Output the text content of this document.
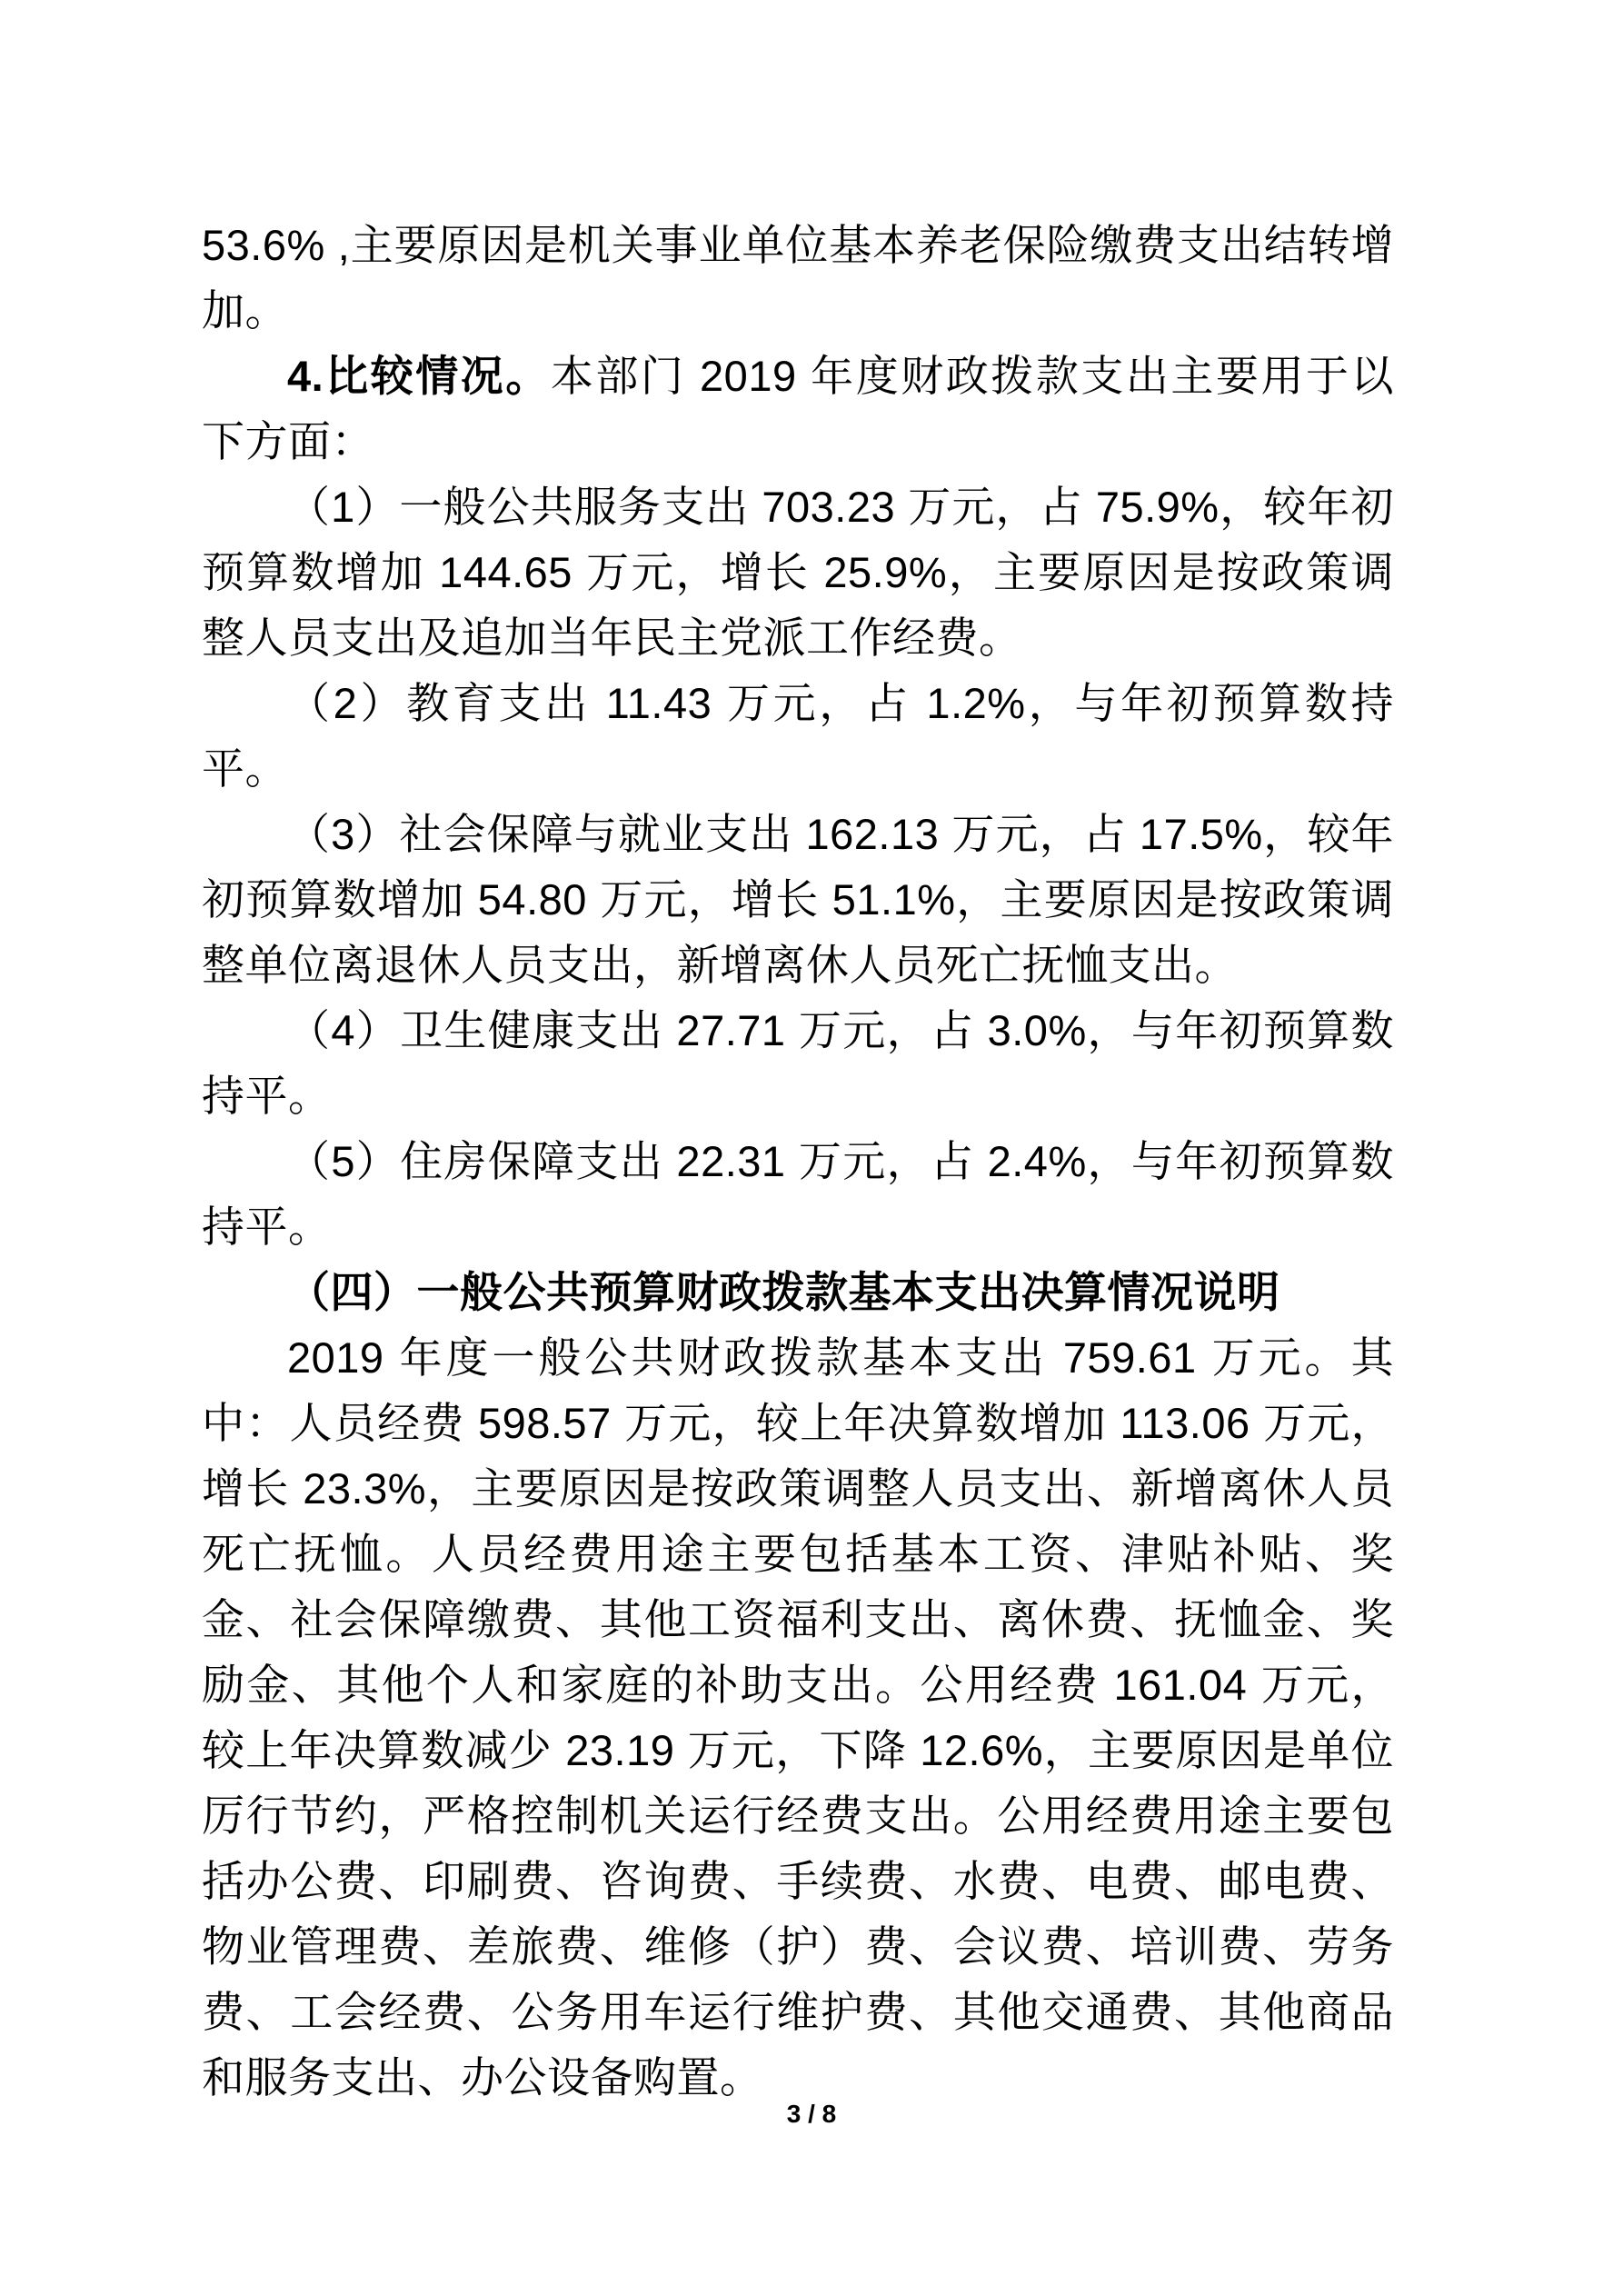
53.6% ,主要原因是机关事业单位基本养老保险缴费支出结转增加。

4.比较情况。本部门 2019 年度财政拨款支出主要用于以下方面：

（1）一般公共服务支出 703.23 万元，占 75.9%，较年初预算数增加 144.65 万元，增长 25.9%，主要原因是按政策调整人员支出及追加当年民主党派工作经费。

（2）教育支出 11.43 万元，占 1.2%，与年初预算数持平。

（3）社会保障与就业支出 162.13 万元，占 17.5%，较年初预算数增加 54.80 万元，增长 51.1%，主要原因是按政策调整单位离退休人员支出，新增离休人员死亡抚恤支出。

（4）卫生健康支出 27.71 万元，占 3.0%，与年初预算数持平。

（5）住房保障支出 22.31 万元，占 2.4%，与年初预算数持平。

（四）一般公共预算财政拨款基本支出决算情况说明

2019 年度一般公共财政拨款基本支出 759.61 万元。其中：人员经费 598.57 万元，较上年决算数增加 113.06 万元，增长 23.3%，主要原因是按政策调整人员支出、新增离休人员死亡抚恤。人员经费用途主要包括基本工资、津贴补贴、奖金、社会保障缴费、其他工资福利支出、离休费、抚恤金、奖励金、其他个人和家庭的补助支出。公用经费 161.04 万元，较上年决算数减少 23.19 万元，下降 12.6%，主要原因是单位厉行节约，严格控制机关运行经费支出。公用经费用途主要包括办公费、印刷费、咨询费、手续费、水费、电费、邮电费、物业管理费、差旅费、维修（护）费、会议费、培训费、劳务费、工会经费、公务用车运行维护费、其他交通费、其他商品和服务支出、办公设备购置。

3 / 8
